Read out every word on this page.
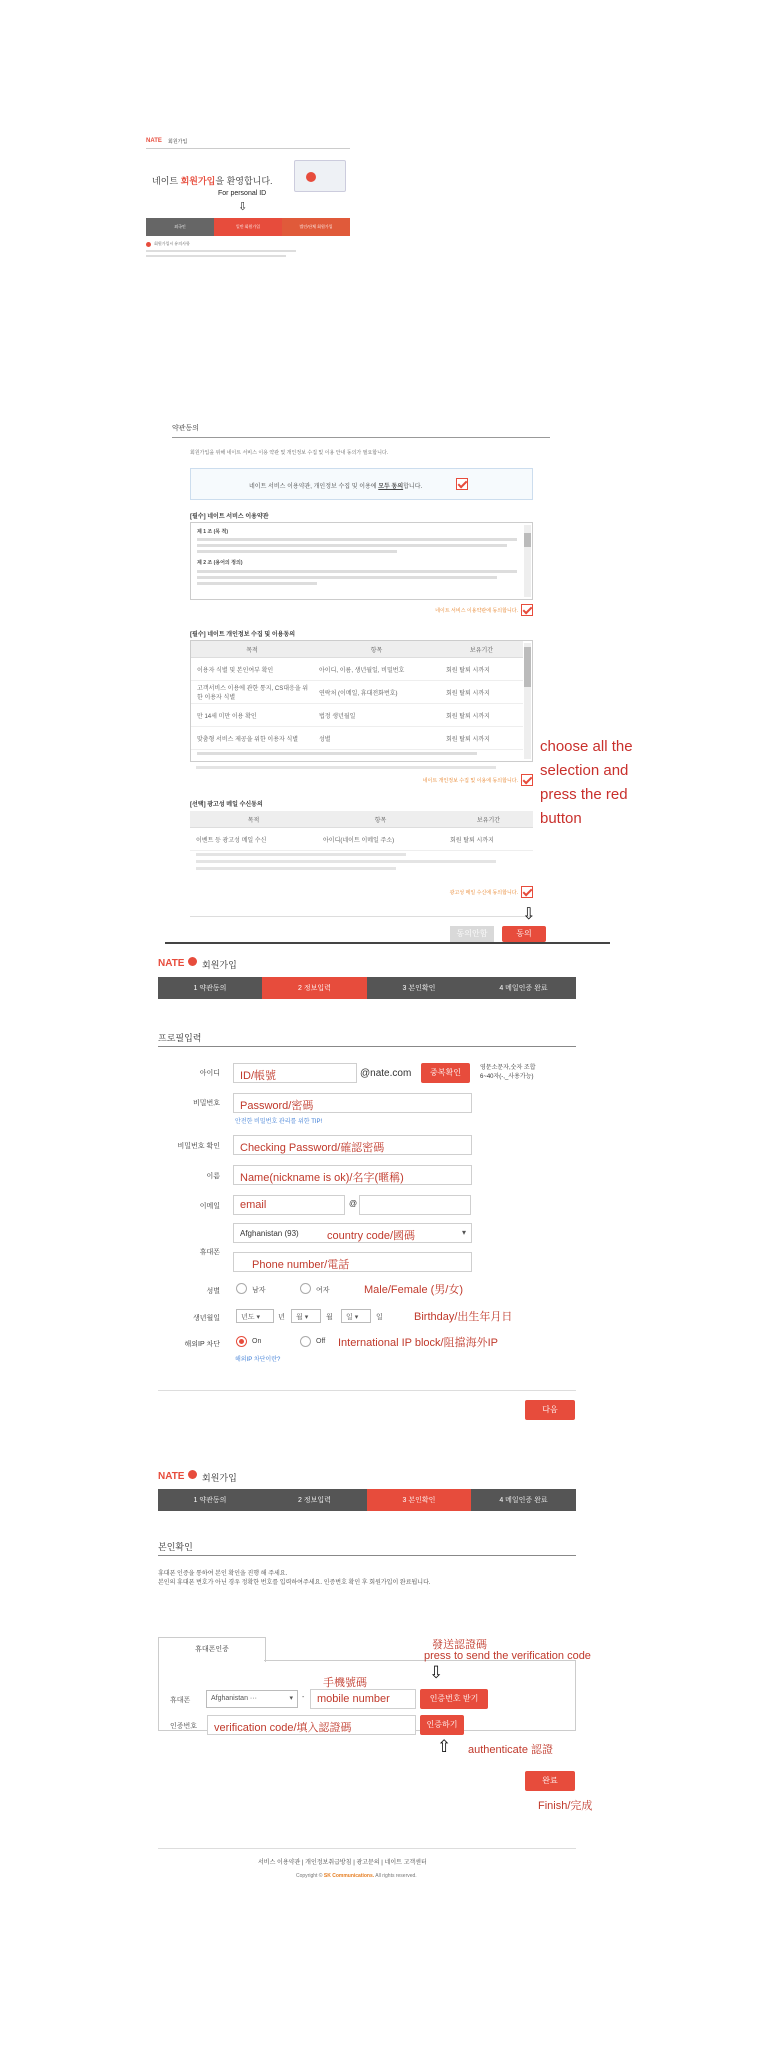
NATE 회원가입
네이트 회원가입을 환영합니다.
For personal ID
⇩
외국인	일반 회원가입	법인/단체 회원가입
회원가입시 유의사항
약관동의
회원가입을 위해 네이트 서비스 이용 약관 및 개인정보 수집 및 이용 안내 동의가 필요합니다.
네이트 서비스 이용약관, 개인정보 수집 및 이용에 모두 동의합니다.
[필수] 네이트 서비스 이용약관
제 1 조 (목 적)
제 2 조 (용어의 정의)
네이트 서비스 이용약관에 동의합니다.
[필수] 네이트 개인정보 수집 및 이용동의
목적	항목	보유기간
이용자 식별 및 본인여부 확인	아이디, 이름, 생년월일, 비밀번호	회원 탈퇴 시까지
고객서비스 이용에 관한 통지, CS대응을 위한 이용자 식별	연락처 (이메일, 휴대전화번호)	회원 탈퇴 시까지
만 14세 미만 이용 확인	법정 생년월일	회원 탈퇴 시까지
맞춤형 서비스 제공을 위한 이용자 식별	성별	회원 탈퇴 시까지
네이트 개인정보 수집 및 이용에 동의합니다.
choose all the selection and press the red button
[선택] 광고성 메일 수신동의
목적	항목	보유기간
이벤트 등 광고성 메일 수신	아이디(네이트 이메일 주소)	회원 탈퇴 시까지
광고성 메일 수신에 동의합니다.
⇩
동의안함	동의
NATE 회원가입
1 약관동의	2 정보입력	3 본인확인	4 메일인증 완료
프로필입력
아이디	ID/帳號	@nate.com	중복확인	영문소문자,숫자 조합 6~40자(-,_사용가능)
비밀번호	Password/密碼
안전한 비밀번호 관리를 위한 TIP!
비밀번호 확인	Checking Password/確認密碼
이름	Name(nickname is ok)/名字(暱稱)
이메일	email	@
휴대폰
Afghanistan (93)	▾
country code/國碼
Phone number/電話
성별	남자	여자	Male/Female (男/女)
생년월일	년도 ▾	년	월 ▾	월	일 ▾	일	Birthday/出生年月日
해외IP 차단	On	Off International IP block/阻擋海外IP
해외IP 차단이란?
다음
NATE 회원가입
1 약관동의	2 정보입력	3 본인확인	4 메일인증 완료
본인확인
휴대폰 인증을 통하여 본인 확인을 진행 해 주세요.
본인의 휴대폰 번호가 아닌 경우 정확한 번호를 입력하여주세요. 인증번호 확인 후 회원가입이 완료됩니다.
휴대폰인증
휴대폰	Afghanistan ···	▾ -
手機號碼
mobile number	인증번호 받기
發送認證碼
press to send the verification code
⇩
인증번호	verification code/填入認證碼	인증하기
⇧ authenticate 認證
완료
Finish/完成
서비스 이용약관 | 개인정보취급방침 | 광고문의 | 네이트 고객센터
Copyright © SK Communications. All rights reserved.
